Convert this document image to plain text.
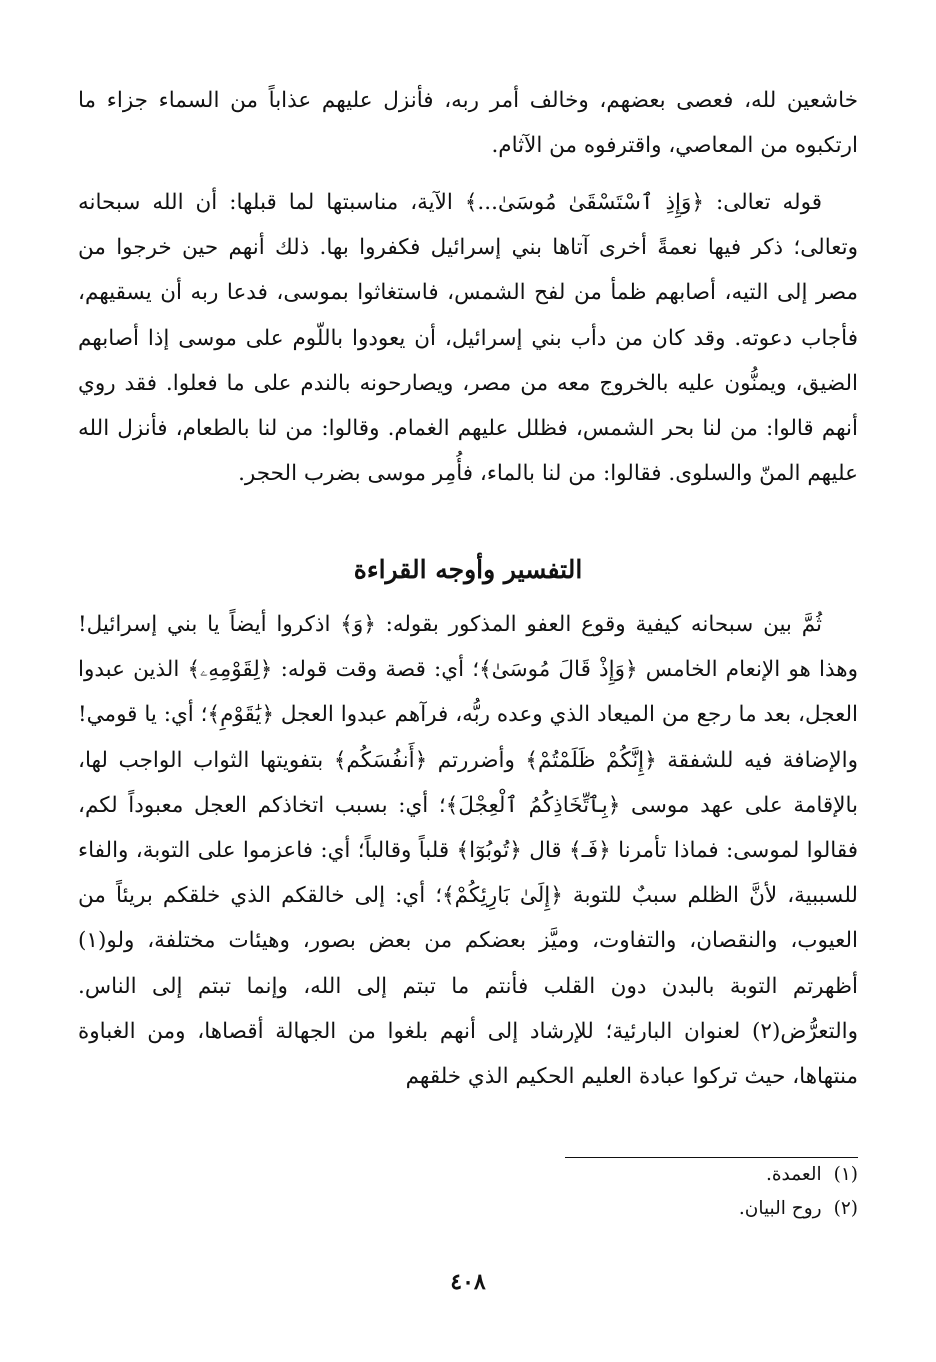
خاشعين لله، فعصى بعضهم، وخالف أمر ربه، فأنزل عليهم عذاباً من السماء جزاء ما ارتكبوه من المعاصي، واقترفوه من الآثام.
قوله تعالى: ﴿وَإِذِ ٱسْتَسْقَىٰ مُوسَىٰ...﴾ الآية، مناسبتها لما قبلها: أن الله سبحانه وتعالى؛ ذكر فيها نعمةً أخرى آتاها بني إسرائيل فكفروا بها. ذلك أنهم حين خرجوا من مصر إلى التيه، أصابهم ظمأ من لفح الشمس، فاستغاثوا بموسى، فدعا ربه أن يسقيهم، فأجاب دعوته. وقد كان من دأب بني إسرائيل، أن يعودوا باللّوم على موسى إذا أصابهم الضيق، ويمنُّون عليه بالخروج معه من مصر، ويصارحونه بالندم على ما فعلوا. فقد روي أنهم قالوا: من لنا بحر الشمس، فظلل عليهم الغمام. وقالوا: من لنا بالطعام، فأنزل الله عليهم المنّ والسلوى. فقالوا: من لنا بالماء، فأُمِر موسى بضرب الحجر.
التفسير وأوجه القراءة
ثُمَّ بين سبحانه كيفية وقوع العفو المذكور بقوله: ﴿وَ﴾ اذكروا أيضاً يا بني إسرائيل! وهذا هو الإنعام الخامس ﴿وَإِذْ قَالَ مُوسَىٰ﴾؛ أي: قصة وقت قوله: ﴿لِقَوْمِهِۦ﴾ الذين عبدوا العجل، بعد ما رجع من الميعاد الذي وعده ربُّه، فرآهم عبدوا العجل ﴿يَٰقَوْمِ﴾؛ أي: يا قومي! والإضافة فيه للشفقة ﴿إِنَّكُمْ ظَلَمْتُمْ﴾ وأضررتم ﴿أَنفُسَكُم﴾ بتفويتها الثواب الواجب لها، بالإقامة على عهد موسى ﴿بِٱتِّخَاذِكُمُ ٱلْعِجْلَ﴾؛ أي: بسبب اتخاذكم العجل معبوداً لكم، فقالوا لموسى: فماذا تأمرنا ﴿فَـ﴾ قال ﴿تُوبُوٓا﴾ قلباً وقالباً؛ أي: فاعزموا على التوبة، والفاء للسببية، لأنَّ الظلم سببٌ للتوبة ﴿إِلَىٰ بَارِئِكُمْ﴾؛ أي: إلى خالقكم الذي خلقكم بريئاً من العيوب، والنقصان، والتفاوت، وميَّز بعضكم من بعض بصور، وهيئات مختلفة، ولو(١) أظهرتم التوبة بالبدن دون القلب فأنتم ما تبتم إلى الله، وإنما تبتم إلى الناس. والتعرُّض(٢) لعنوان البارئية؛ للإرشاد إلى أنهم بلغوا من الجهالة أقصاها، ومن الغباوة منتهاها، حيث تركوا عبادة العليم الحكيم الذي خلقهم
(١)العمدة.
(٢)روح البيان.
٤٠٨
